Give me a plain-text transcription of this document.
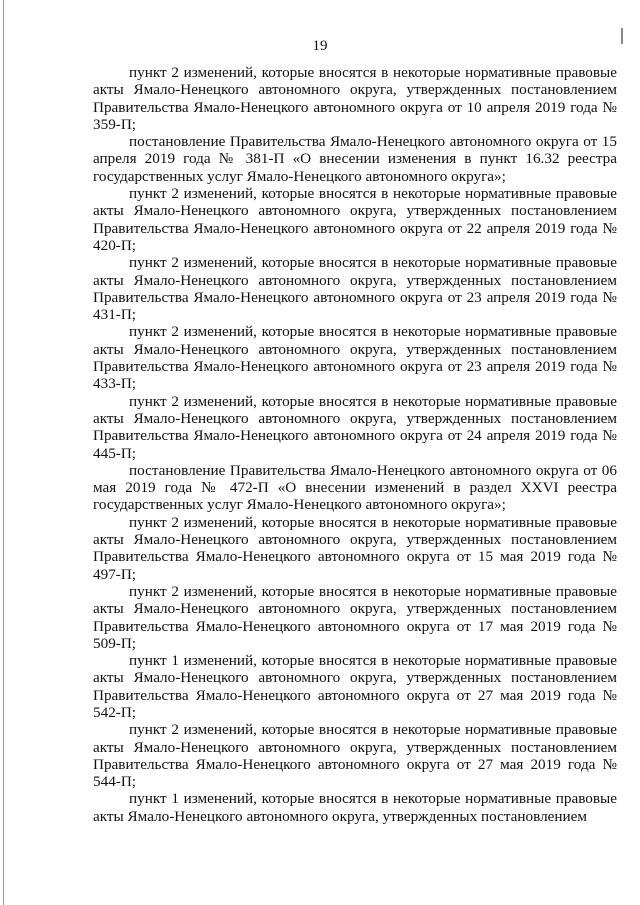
19

пункт 2 изменений, которые вносятся в некоторые нормативные правовые акты Ямало-Ненецкого автономного округа, утвержденных постановлением Правительства Ямало-Ненецкого автономного округа от 10 апреля 2019 года № 359-П;

постановление Правительства Ямало-Ненецкого автономного округа от 15 апреля 2019 года № 381-П «О внесении изменения в пункт 16.32 реестра государственных услуг Ямало-Ненецкого автономного округа»;

пункт 2 изменений, которые вносятся в некоторые нормативные правовые акты Ямало-Ненецкого автономного округа, утвержденных постановлением Правительства Ямало-Ненецкого автономного округа от 22 апреля 2019 года № 420-П;

пункт 2 изменений, которые вносятся в некоторые нормативные правовые акты Ямало-Ненецкого автономного округа, утвержденных постановлением Правительства Ямало-Ненецкого автономного округа от 23 апреля 2019 года № 431-П;

пункт 2 изменений, которые вносятся в некоторые нормативные правовые акты Ямало-Ненецкого автономного округа, утвержденных постановлением Правительства Ямало-Ненецкого автономного округа от 23 апреля 2019 года № 433-П;

пункт 2 изменений, которые вносятся в некоторые нормативные правовые акты Ямало-Ненецкого автономного округа, утвержденных постановлением Правительства Ямало-Ненецкого автономного округа от 24 апреля 2019 года № 445-П;

постановление Правительства Ямало-Ненецкого автономного округа от 06 мая 2019 года № 472-П «О внесении изменений в раздел XXVI реестра государственных услуг Ямало-Ненецкого автономного округа»;

пункт 2 изменений, которые вносятся в некоторые нормативные правовые акты Ямало-Ненецкого автономного округа, утвержденных постановлением Правительства Ямало-Ненецкого автономного округа от 15 мая 2019 года № 497-П;

пункт 2 изменений, которые вносятся в некоторые нормативные правовые акты Ямало-Ненецкого автономного округа, утвержденных постановлением Правительства Ямало-Ненецкого автономного округа от 17 мая 2019 года № 509-П;

пункт 1 изменений, которые вносятся в некоторые нормативные правовые акты Ямало-Ненецкого автономного округа, утвержденных постановлением Правительства Ямало-Ненецкого автономного округа от 27 мая 2019 года № 542-П;

пункт 2 изменений, которые вносятся в некоторые нормативные правовые акты Ямало-Ненецкого автономного округа, утвержденных постановлением Правительства Ямало-Ненецкого автономного округа от 27 мая 2019 года № 544-П;

пункт 1 изменений, которые вносятся в некоторые нормативные правовые акты Ямало-Ненецкого автономного округа, утвержденных постановлением
